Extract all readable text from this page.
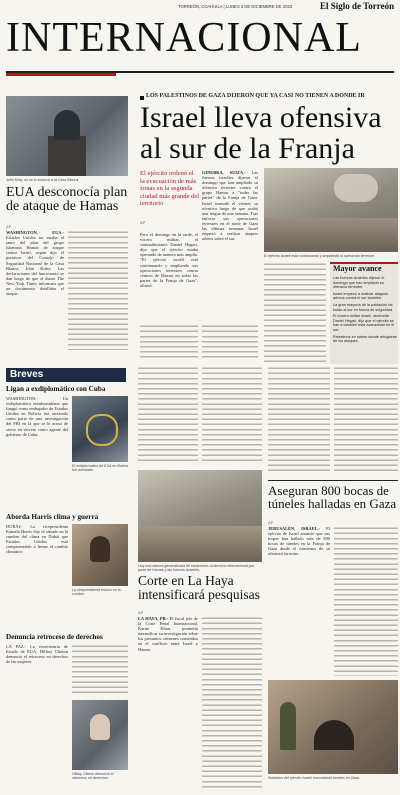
TORREÓN, COAHUILA | LUNES 4 DE DICIEMBRE DE 2023	El Siglo de Torreón
INTERNACIONAL
John Kirby no se lo contuvo a la Casa Blanca.
EUA desconocía plan de ataque de Hamas
AP
WASHINGTON, EUA.- Estados Unidos no estaba al tanto del plan del grupo islamista Hamas de ataque contra Israel, según dijo el portavoz del Consejo de Seguridad Nacional de la Casa Blanca, John Kirby. Las declaraciones del funcionario se dan luego de que el diario The New York Times informara que un documento detallaba el ataque.
LOS PALESTINOS DE GAZA DIJERON QUE YA CASI NO TIENEN A DÓNDE IR
Israel lleva ofensiva al sur de la Franja
El ejército ordenó el la evacuación de más zonas en la segunda ciudad más grande del territorio
AP
GINEBRA, SUIZA.- Las fuerzas israelíes dijeron el domingo que han ampliado su ofensiva terrestre contra el grupo Hamas a "todas las partes" de la Franja de Gaza. Israel reanudó el viernes su ofensiva luego de que acabó una tregua de una semana. Tras enfocar sus operaciones terrestres en el norte de Gaza las últimas semanas Israel empezó a realizar ataques aéreos sobre el sur.
El ejército israelí está continuando y ampliando la operación terrestre.
Pero el domingo en la tarde, el vocero militar, el contraalmirante Daniel Hagari, dijo que el ejército estaba operando de manera más amplia. "El ejército israelí está continuando y ampliando sus operaciones terrestres contra centros de Hamas en todas las partes de la Franja de Gaza", afirmó.
Mayor avance
Las fuerzas israelíes dijeron el domingo que han ampliado su ofensiva terrestre.
Israel empezó a realizar ataques aéreos contra el sur también.
La gran mayoría de la población ha huido al sur en busca de seguridad.
El vocero militar israelí, almirante Daniel Hagari, dijo que el ejército se han a también está avanzando en el sur.
Palestinos en saben donde refugiarse de los ataques.
Breves
Ligan a exdiplomático con Cuba
WASHINGTON.- Un exdiplomático estadounidense que fungió como embajador de Estados Unidos en Bolivia fue arrestado como parte de una investigación del FBI en la que se le acusa de servir en secreto como agente del gobierno de Cuba.
El exdiplomático de EUA en Bolivia fue arrestado.
Aborda Harris clima y guerra
DUBÁI.- La vicepresidenta Kamala Harris dijo el sábado en la cumbre del clima en Dubái que Estados Unidos está comprometido a frenar el cambio climático.
La vicepresidenta estuvo en la cumbre.
Denuncia retroceso de derechos
LA PAZ.- La exsecretaria de Estado de EUA, Hillary Clinton denunció el retroceso en derechos de las mujeres.
Hillary Clinton denunció el retroceso en derechos.
Hay una alarma generalizada de violaciones al derecho internacional por parte de Hamas y las fuerzas israelíes.
Corte en La Haya intensificará pesquisas
AP
LA HAYA, PB.- El fiscal jefe de la Corte Penal Internacional, Karim Khan, prometió intensificar su investigación sobre los presuntos crímenes cometidos en el conflicto entre Israel y Hamas.
Aseguran 800 bocas de túneles halladas en Gaza
AP
JERUSALÉN, ISRAEL.- El ejército de Israel anunció que sus tropas han hallado más de 800 bocas de túneles en la Franja de Gaza desde el comienzo de su ofensiva terrestre.
Soldados del ejército israelí encontraron túneles en Gaza.
